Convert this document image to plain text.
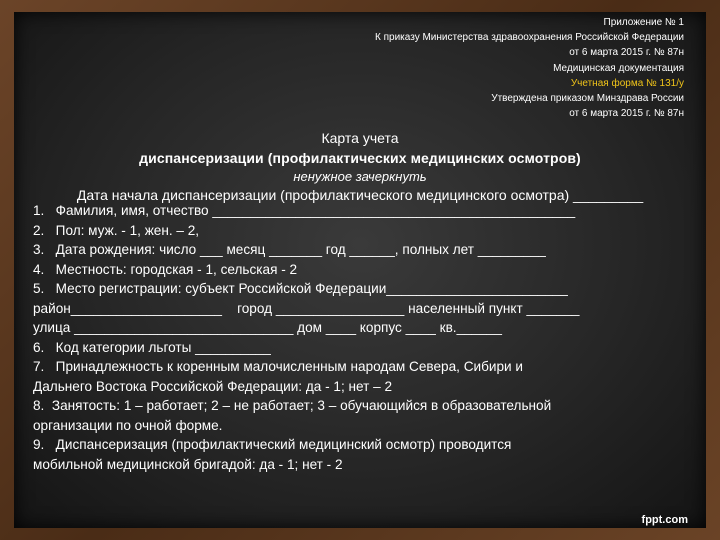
Приложение № 1
К приказу Министерства здравоохранения Российской Федерации
от 6 марта 2015 г. № 87н
Медицинская документация
Учетная форма № 131/у
Утверждена приказом Минздрава России
от 6 марта 2015 г. № 87н
Карта учета
диспансеризации (профилактических медицинских осмотров)
ненужное зачеркнуть
Дата начала диспансеризации (профилактического медицинского осмотра) _________
1.   Фамилия, имя, отчество ________________________________________________
2.   Пол: муж. - 1, жен. – 2,
3.   Дата рождения: число ___ месяц _______ год ______, полных лет _________
4.   Местность: городская - 1, сельская - 2
5.   Место регистрации: субъект Российской Федерации________________________
район____________________    город _________________ населенный пункт _______
улица _____________________________ дом ____ корпус ____ кв.______
6.   Код категории льготы __________
7.   Принадлежность к коренным малочисленным народам Севера, Сибири и
Дальнего Востока Российской Федерации: да - 1; нет – 2
8.  Занятость: 1 – работает; 2 – не работает; 3 – обучающийся в образовательной
организации по очной форме.
9.   Диспансеризация (профилактический медицинский осмотр) проводится
мобильной медицинской бригадой: да - 1; нет - 2
fppt.com
